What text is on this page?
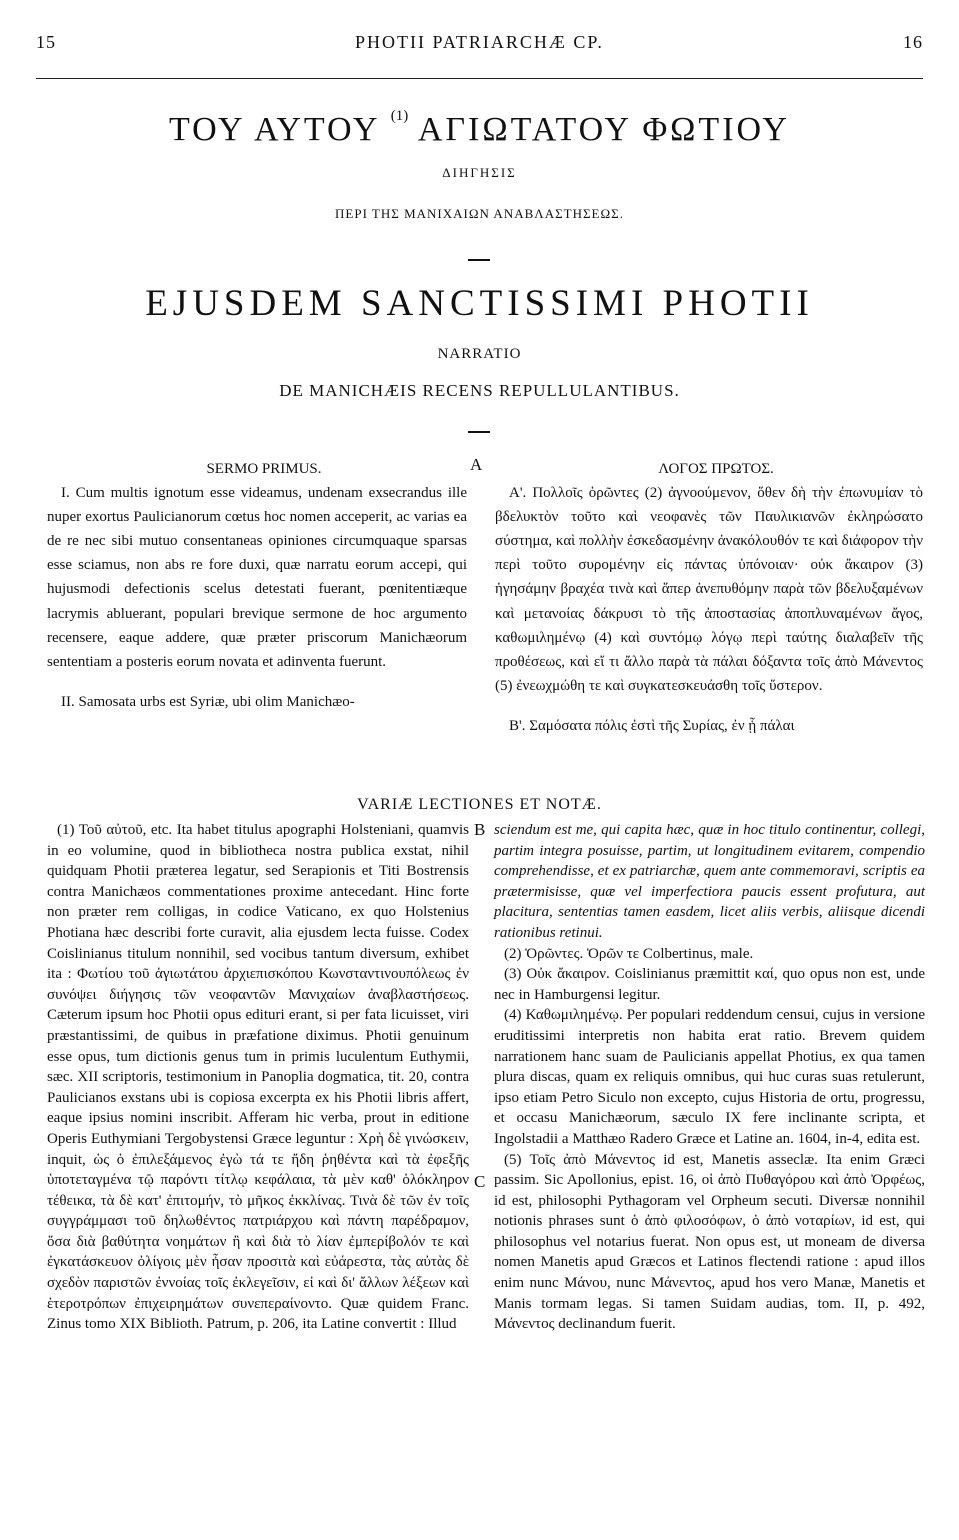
15	PHOTII PATRIARCHÆ CP.	16
ΤΟΥ ΑΥΤΟΥ $^{(1)}$ ΑΓΙΩΤΑΤΟΥ ΦΩΤΙΟΥ
ΔΙΗΓΗΣΙΣ
ΠΕΡΙ ΤΗΣ ΜΑΝΙΧΑΙΩΝ ΑΝΑΒΛΑΣΤΗΣΕΩΣ.
EJUSDEM SANCTISSIMI PHOTII
NARRATIO
DE MANICHÆIS RECENS REPULLULANTIBUS.

SERMO PRIMUS.

I. Cum multis ignotum esse videamus, undenam exsecrandus ille nuper exortus Paulicianorum cœtus hoc nomen acceperit, ac varias ea de re nec sibi mutuo consentaneas opiniones circumquaque sparsas esse sciamus, non abs re fore duxi, quæ narratu eorum accepi, qui hujusmodi defectionis scelus detestati fuerant, pœnitentiæque lacrymis abluerant, populari brevique sermone de hoc argumento recensere, eaque addere, quæ præter priscorum Manichæorum sententiam a posteris eorum novata et adinventa fuerunt.

II. Samosata urbs est Syriæ, ubi olim Manichæo-

A	ΛΟΓΟΣ ΠΡΩΤΟΣ.

Α'. Πολλοῖς ὁρῶντες (2) ἀγνοούμενον, ὅθεν δὴ τὴν ἐπωνυμίαν τὸ βδελυκτὸν τοῦτο καὶ νεοφανὲς τῶν Παυλικιανῶν ἐκληρώσατο σύστημα, καὶ πολλὴν ἐσκεδασμένην ἀνακόλουθόν τε καὶ διάφορον τὴν περὶ τοῦτο συρομένην εἰς πάντας ὑπόνοιαν· οὐκ ἄκαιρον (3) ἡγησάμην βραχέα τινὰ καὶ ἅπερ ἀνεπυθόμην παρὰ τῶν βδελυξαμένων καὶ μετανοίας δάκρυσι τὸ τῆς ἀποστασίας ἀποπλυναμένων ἄγος, καθωμιλημένῳ (4) καὶ συντόμῳ λόγῳ περὶ ταύτης διαλαβεῖν τῆς προθέσεως, καὶ εἴ τι ἄλλο παρὰ τὰ πάλαι δόξαντα τοῖς ἀπὸ Μάνεντος (5) ἐνεωχμώθη τε καὶ συγκατεσκευάσθη τοῖς ὕστερον.

Β'. Σαμόσατα πόλις ἐστὶ τῆς Συρίας, ἐν ᾗ πάλαι

VARIÆ LECTIONES ET NOTÆ.
B
C

(1) Τοῦ αὐτοῦ, etc. Ita habet titulus apographi Holsteniani, quamvis in eo volumine, quod in bibliotheca nostra publica exstat, nihil quidquam Photii præterea legatur, sed Serapionis et Titi Bostrensis contra Manichæos commentationes proxime antecedant. Hinc forte non præter rem colligas, in codice Vaticano, ex quo Holstenius Photiana hæc describi forte curavit, alia ejusdem lecta fuisse. Codex Coislinianus titulum nonnihil, sed vocibus tantum diversum, exhibet ita : Φωτίου τοῦ ἁγιωτάτου ἀρχιεπισκόπου Κωνσταντινουπόλεως ἐν συνόψει διήγησις τῶν νεοφαντῶν Μανιχαίων ἀναβλαστήσεως. Cæterum ipsum hoc Photii opus edituri erant, si per fata licuisset, viri præstantissimi, de quibus in præfatione diximus. Photii genuinum esse opus, tum dictionis genus tum in primis luculentum Euthymii, sæc. XII scriptoris, testimonium in Panoplia dogmatica, tit. 20, contra Paulicianos exstans ubi is copiosa excerpta ex his Photii libris affert, eaque ipsius nomini inscribit. Afferam hic verba, prout in editione Operis Euthymiani Tergobystensi Græce leguntur : Χρὴ δὲ γινώσκειν, inquit, ὡς ὁ ἐπιλεξάμενος ἐγὼ τά τε ἤδη ῥηθέντα καὶ τὰ ἐφεξῆς ὑποτεταγμένα τῷ παρόντι τίτλῳ κεφάλαια, τὰ μὲν καθ' ὁλόκληρον τέθεικα, τὰ δὲ κατ' ἐπιτομήν, τὸ μῆκος ἐκκλίνας. Τινὰ δὲ τῶν ἐν τοῖς συγγράμμασι τοῦ δηλωθέντος πατριάρχου καὶ πάντη παρέδραμον, ὅσα διὰ βαθύτητα νοημάτων ἢ καὶ διὰ τὸ λίαν ἐμπερίβολόν τε καὶ ἐγκατάσκευον ὀλίγοις μὲν ἦσαν προσιτὰ καὶ εὐάρεστα, τὰς αὐτὰς δὲ σχεδὸν παριστῶν ἐννοίας τοῖς ἐκλεγεῖσιν, εἰ καὶ δι' ἄλλων λέξεων καὶ ἑτεροτρόπων ἐπιχειρημάτων συνεπεραίνοντο. Quæ quidem Franc. Zinus tomo XIX Biblioth. Patrum, p. 206, ita Latine convertit : Illud

sciendum est me, qui capita hæc, quæ in hoc titulo continentur, collegi, partim integra posuisse, partim, ut longitudinem evitarem, compendio comprehendisse, et ex patriarchæ, quem ante commemoravi, scriptis ea prætermisisse, quæ vel imperfectiora paucis essent profutura, aut placitura, sententias tamen easdem, licet aliis verbis, aliisque dicendi rationibus retinui.

(2) Ὁρῶντες. Ὁρῶν τε Colbertinus, male.

(3) Οὐκ ἄκαιρον. Coislinianus præmittit καί, quo opus non est, unde nec in Hamburgensi legitur.

(4) Καθωμιλημένῳ. Per populari reddendum censui, cujus in versione eruditissimi interpretis non habita erat ratio. Brevem quidem narrationem hanc suam de Paulicianis appellat Photius, ex qua tamen plura discas, quam ex reliquis omnibus, qui huc curas suas retulerunt, ipso etiam Petro Siculo non excepto, cujus Historia de ortu, progressu, et occasu Manichæorum, sæculo IX fere inclinante scripta, et Ingolstadii a Matthæo Radero Græce et Latine an. 1604, in-4, edita est.

(5) Τοῖς ἀπὸ Μάνεντος id est, Manetis asseclæ. Ita enim Græci passim. Sic Apollonius, epist. 16, οἱ ἀπὸ Πυθαγόρου καὶ ἀπὸ Ὀρφέως, id est, philosophi Pythagoram vel Orpheum secuti. Diversæ nonnihil notionis phrases sunt ὁ ἀπὸ φιλοσόφων, ὁ ἀπὸ νοταρίων, id est, qui philosophus vel notarius fuerat. Non opus est, ut moneam de diversa nomen Manetis apud Græcos et Latinos flectendi ratione : apud illos enim nunc Μάνου, nunc Μάνεντος, apud hos vero Manæ, Manetis et Manis tormam legas. Si tamen Suidam audias, tom. II, p. 492, Μάνεντος declinandum fuerit.
